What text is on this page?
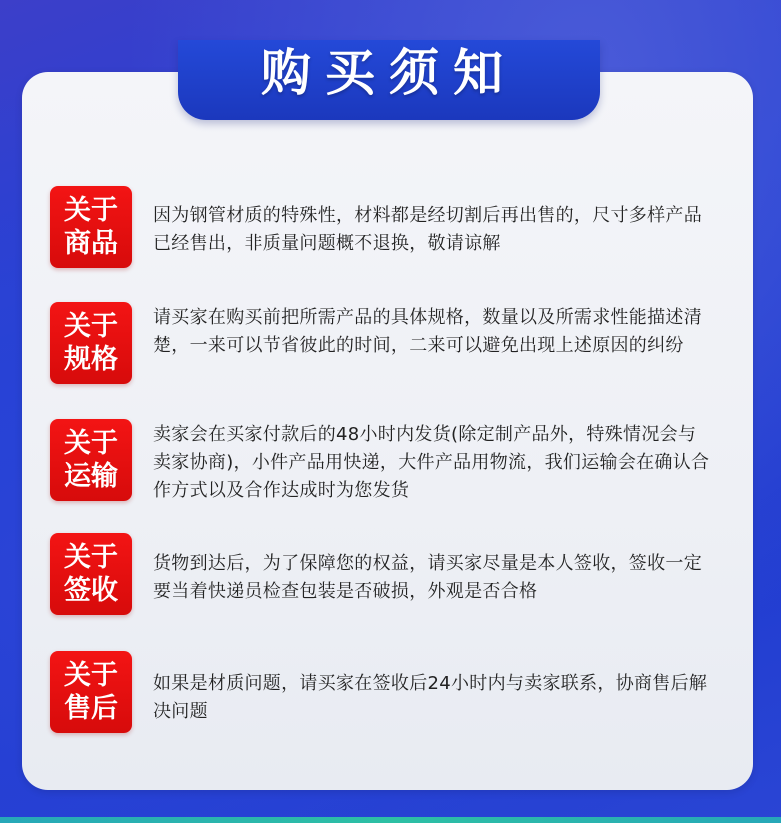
购买须知
关于
商品
因为钢管材质的特殊性，材料都是经切割后再出售的，尺寸多样产品已经售出，非质量问题概不退换，敬请谅解
关于
规格
请买家在购买前把所需产品的具体规格，数量以及所需求性能描述清楚，一来可以节省彼此的时间，二来可以避免出现上述原因的纠纷
关于
运输
卖家会在买家付款后的48小时内发货(除定制产品外，特殊情况会与卖家协商)，小件产品用快递，大件产品用物流，我们运输会在确认合作方式以及合作达成时为您发货
关于
签收
货物到达后，为了保障您的权益，请买家尽量是本人签收，签收一定要当着快递员检查包装是否破损，外观是否合格
关于
售后
如果是材质问题，请买家在签收后24小时内与卖家联系，协商售后解决问题
